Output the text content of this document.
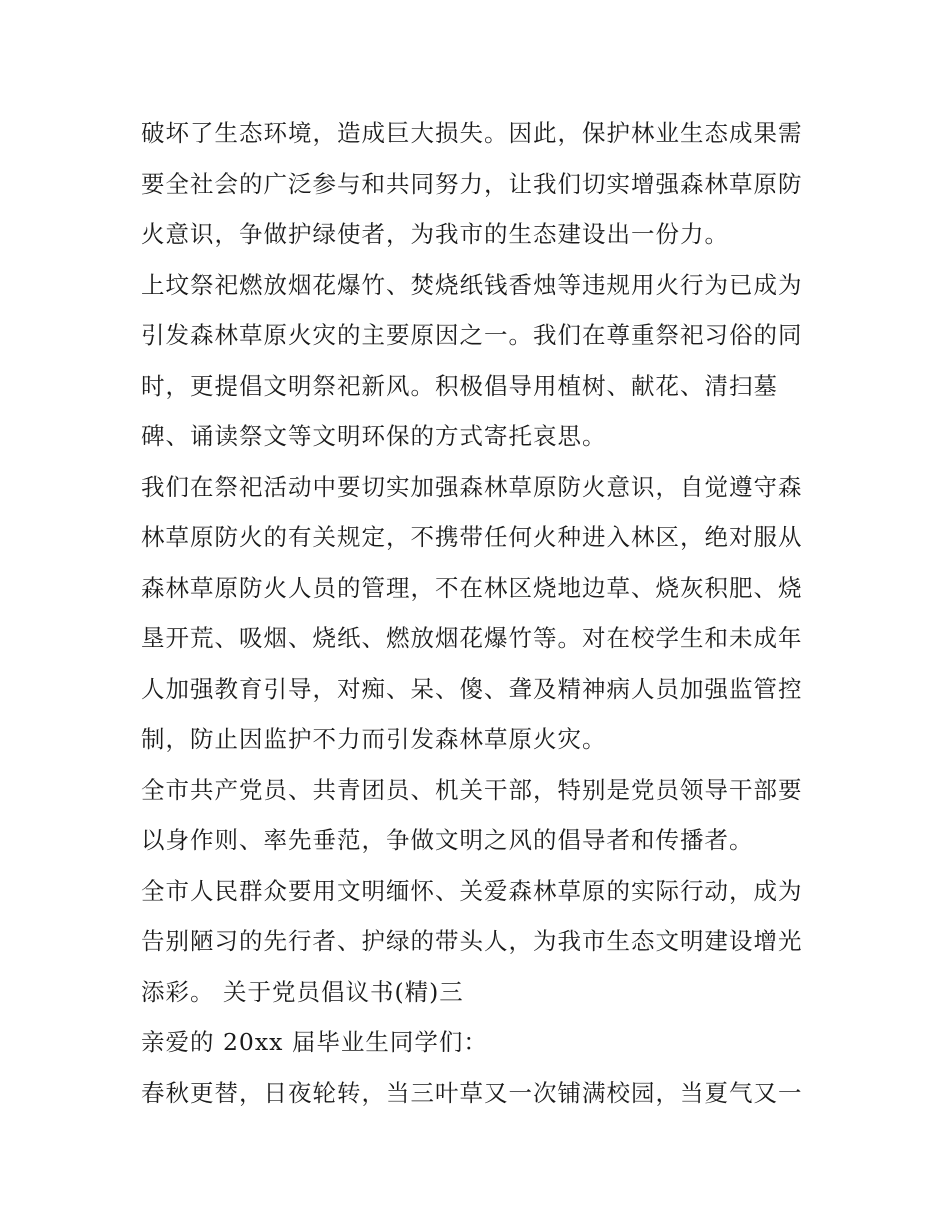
破坏了生态环境，造成巨大损失。因此，保护林业生态成果需
要全社会的广泛参与和共同努力，让我们切实增强森林草原防
火意识，争做护绿使者，为我市的生态建设出一份力。
上坟祭祀燃放烟花爆竹、焚烧纸钱香烛等违规用火行为已成为
引发森林草原火灾的主要原因之一。我们在尊重祭祀习俗的同
时，更提倡文明祭祀新风。积极倡导用植树、献花、清扫墓
碑、诵读祭文等文明环保的方式寄托哀思。
我们在祭祀活动中要切实加强森林草原防火意识，自觉遵守森
林草原防火的有关规定，不携带任何火种进入林区，绝对服从
森林草原防火人员的管理，不在林区烧地边草、烧灰积肥、烧
垦开荒、吸烟、烧纸、燃放烟花爆竹等。对在校学生和未成年
人加强教育引导，对痴、呆、傻、聋及精神病人员加强监管控
制，防止因监护不力而引发森林草原火灾。
全市共产党员、共青团员、机关干部，特别是党员领导干部要
以身作则、率先垂范，争做文明之风的倡导者和传播者。
全市人民群众要用文明缅怀、关爱森林草原的实际行动，成为
告别陋习的先行者、护绿的带头人，为我市生态文明建设增光
添彩。 关于党员倡议书(精)三
亲爱的 20xx 届毕业生同学们：
春秋更替，日夜轮转，当三叶草又一次铺满校园，当夏气又一
